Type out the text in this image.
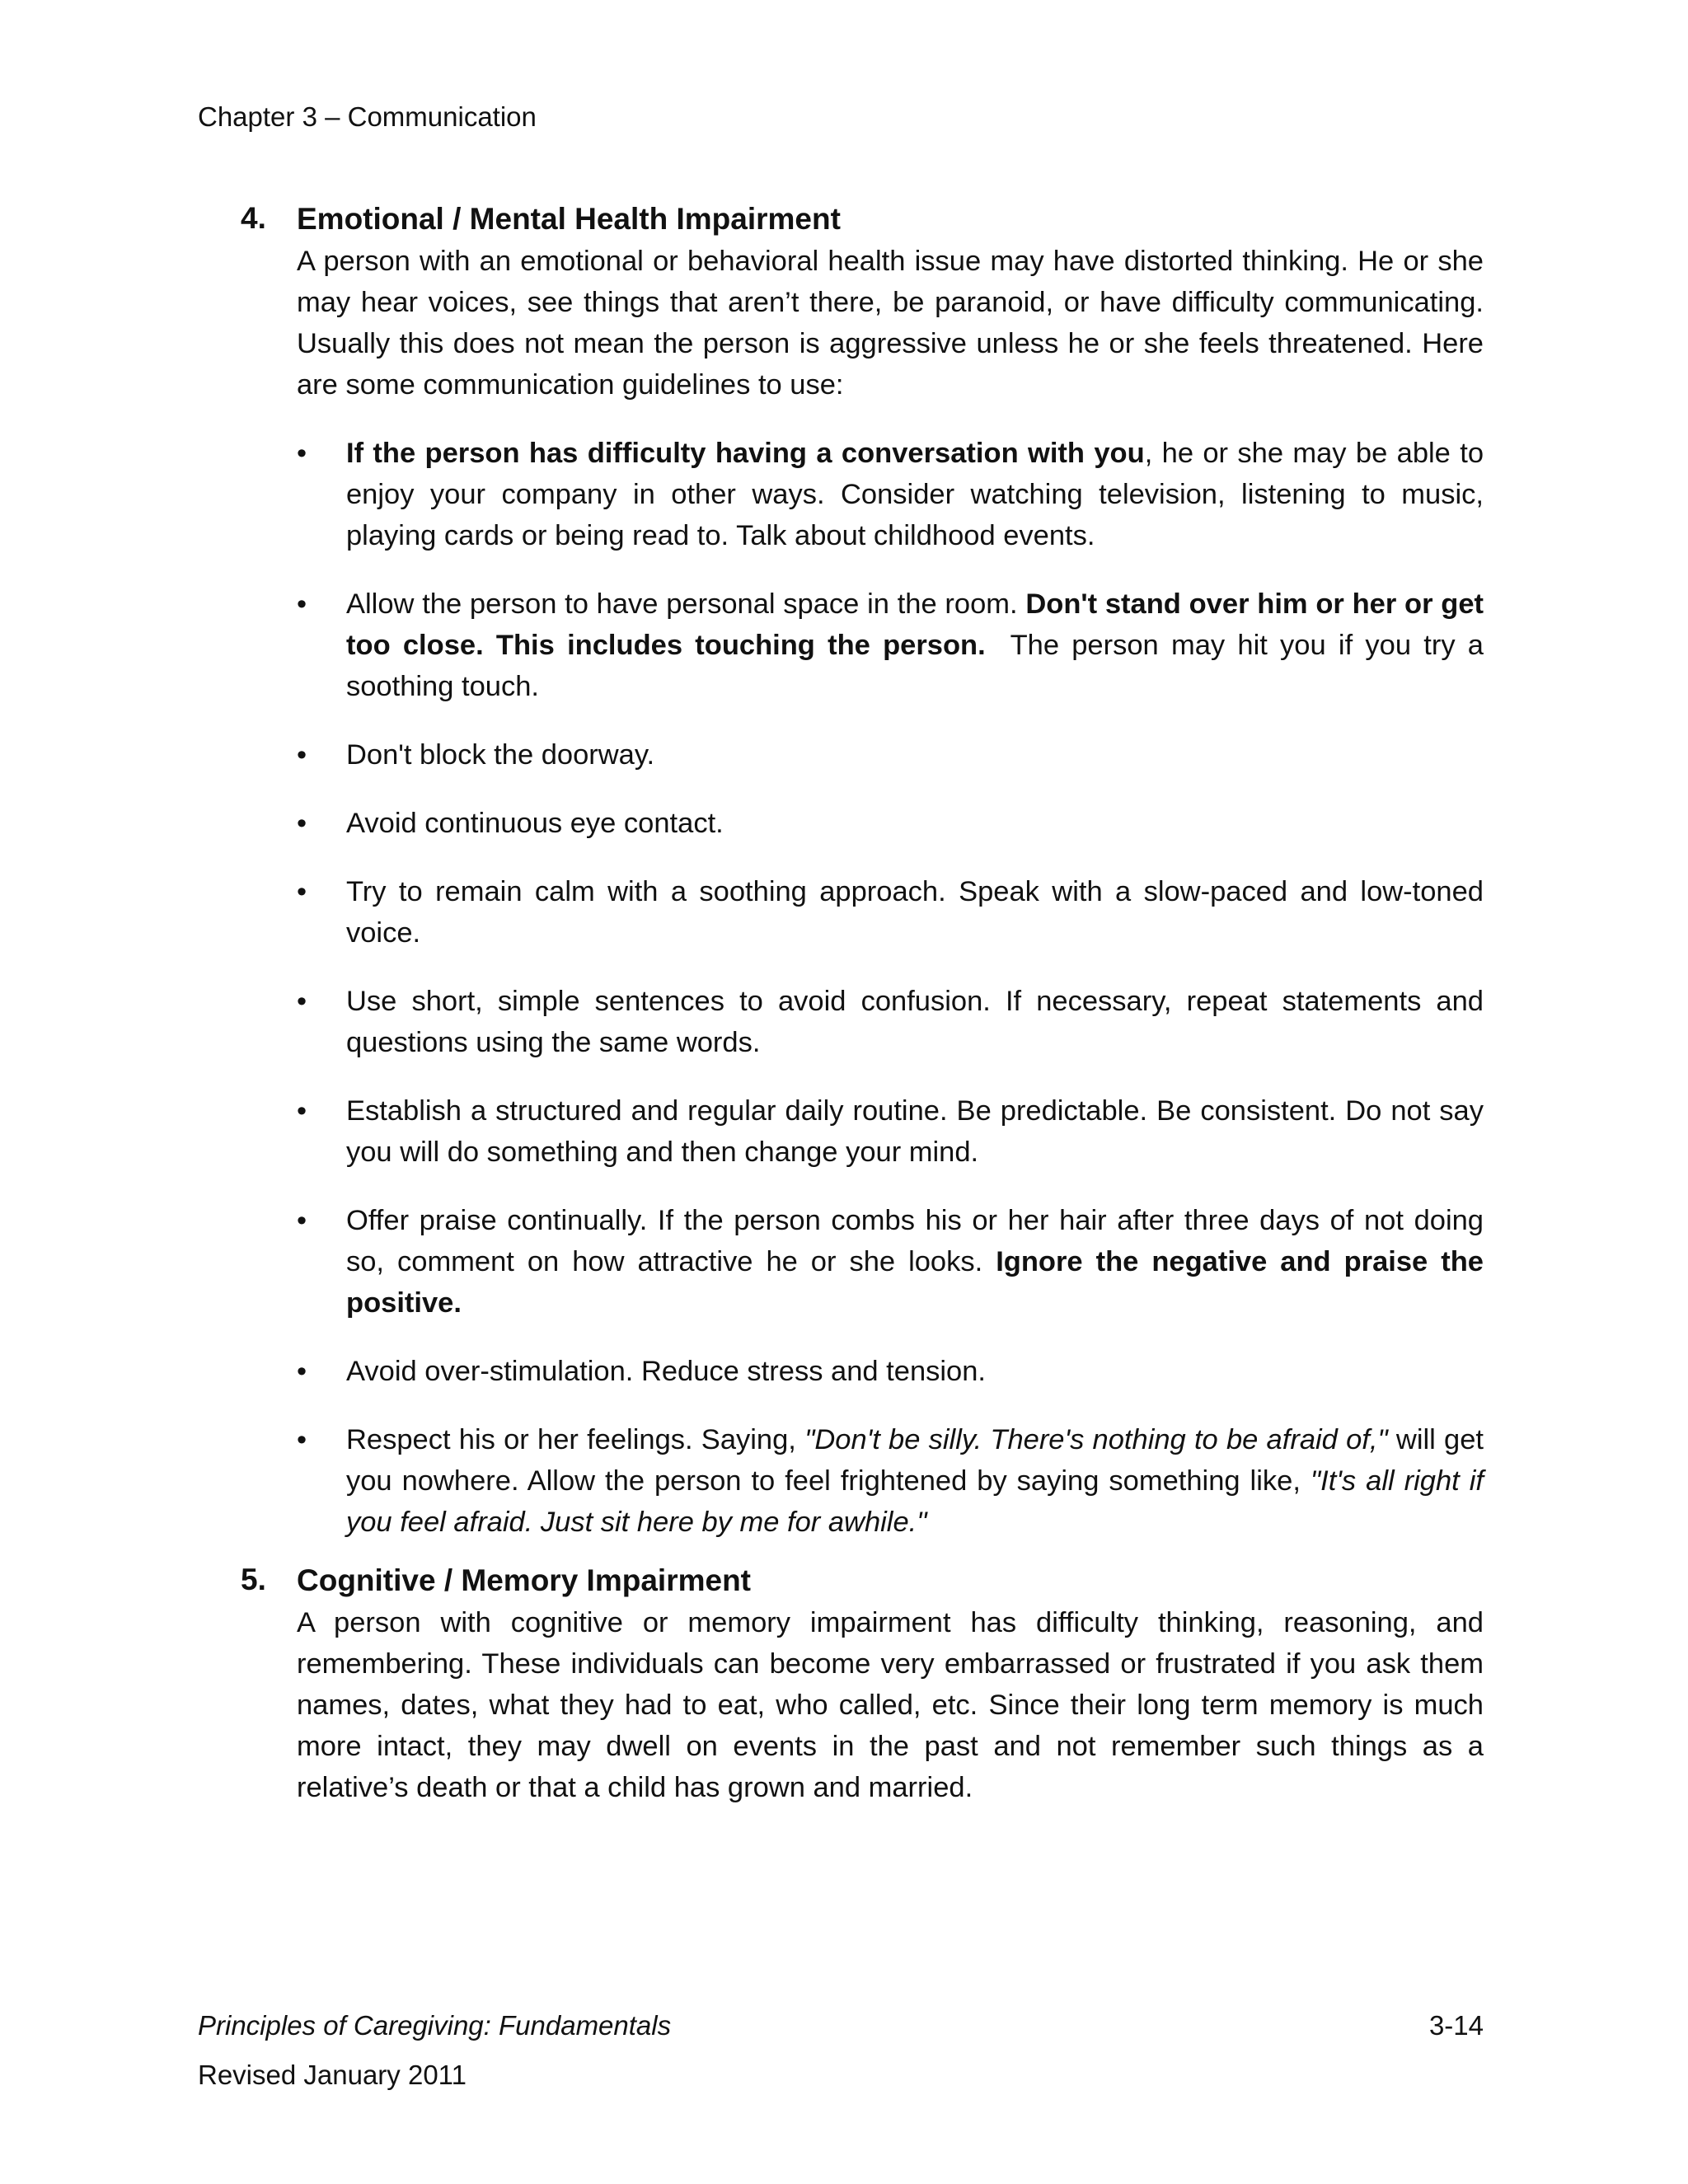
Chapter 3 – Communication
4. Emotional / Mental Health Impairment

A person with an emotional or behavioral health issue may have distorted thinking. He or she may hear voices, see things that aren’t there, be paranoid, or have difficulty communicating. Usually this does not mean the person is aggressive unless he or she feels threatened. Here are some communication guidelines to use:

• If the person has difficulty having a conversation with you, he or she may be able to enjoy your company in other ways. Consider watching television, listening to music, playing cards or being read to. Talk about childhood events.
• Allow the person to have personal space in the room. Don't stand over him or her or get too close. This includes touching the person.  The person may hit you if you try a soothing touch.
• Don't block the doorway.
• Avoid continuous eye contact.
• Try to remain calm with a soothing approach. Speak with a slow-paced and low-toned voice.
• Use short, simple sentences to avoid confusion. If necessary, repeat statements and questions using the same words.
• Establish a structured and regular daily routine. Be predictable. Be consistent. Do not say you will do something and then change your mind.
• Offer praise continually. If the person combs his or her hair after three days of not doing so, comment on how attractive he or she looks. Ignore the negative and praise the positive.
• Avoid over-stimulation. Reduce stress and tension.
• Respect his or her feelings. Saying, "Don't be silly. There's nothing to be afraid of," will get you nowhere. Allow the person to feel frightened by saying something like, "It's all right if you feel afraid. Just sit here by me for awhile."
5. Cognitive / Memory Impairment

A person with cognitive or memory impairment has difficulty thinking, reasoning, and remembering. These individuals can become very embarrassed or frustrated if you ask them names, dates, what they had to eat, who called, etc. Since their long term memory is much more intact, they may dwell on events in the past and not remember such things as a relative’s death or that a child has grown and married.

Principles of Caregiving: Fundamentals
Revised January 2011
3-14
